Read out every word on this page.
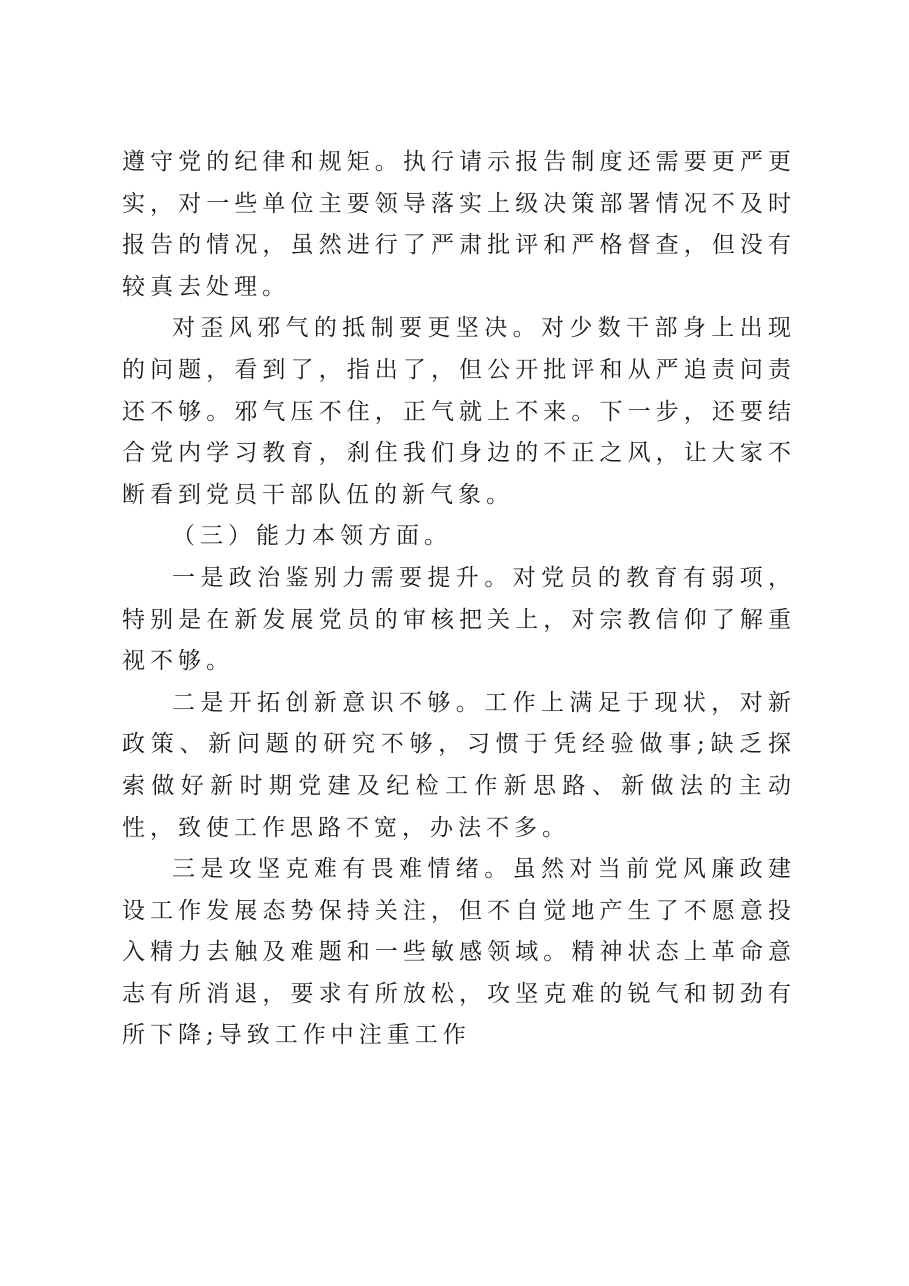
遵守党的纪律和规矩。执行请示报告制度还需要更严更实，对一些单位主要领导落实上级决策部署情况不及时报告的情况，虽然进行了严肃批评和严格督查，但没有较真去处理。

对歪风邪气的抵制要更坚决。对少数干部身上出现的问题，看到了，指出了，但公开批评和从严追责问责还不够。邪气压不住，正气就上不来。下一步，还要结合党内学习教育，刹住我们身边的不正之风，让大家不断看到党员干部队伍的新气象。

（三）能力本领方面。

一是政治鉴别力需要提升。对党员的教育有弱项，特别是在新发展党员的审核把关上，对宗教信仰了解重视不够。

二是开拓创新意识不够。工作上满足于现状，对新政策、新问题的研究不够，习惯于凭经验做事;缺乏探索做好新时期党建及纪检工作新思路、新做法的主动性，致使工作思路不宽，办法不多。

三是攻坚克难有畏难情绪。虽然对当前党风廉政建设工作发展态势保持关注，但不自觉地产生了不愿意投入精力去触及难题和一些敏感领域。精神状态上革命意志有所消退，要求有所放松，攻坚克难的锐气和韧劲有所下降;导致工作中注重工作
